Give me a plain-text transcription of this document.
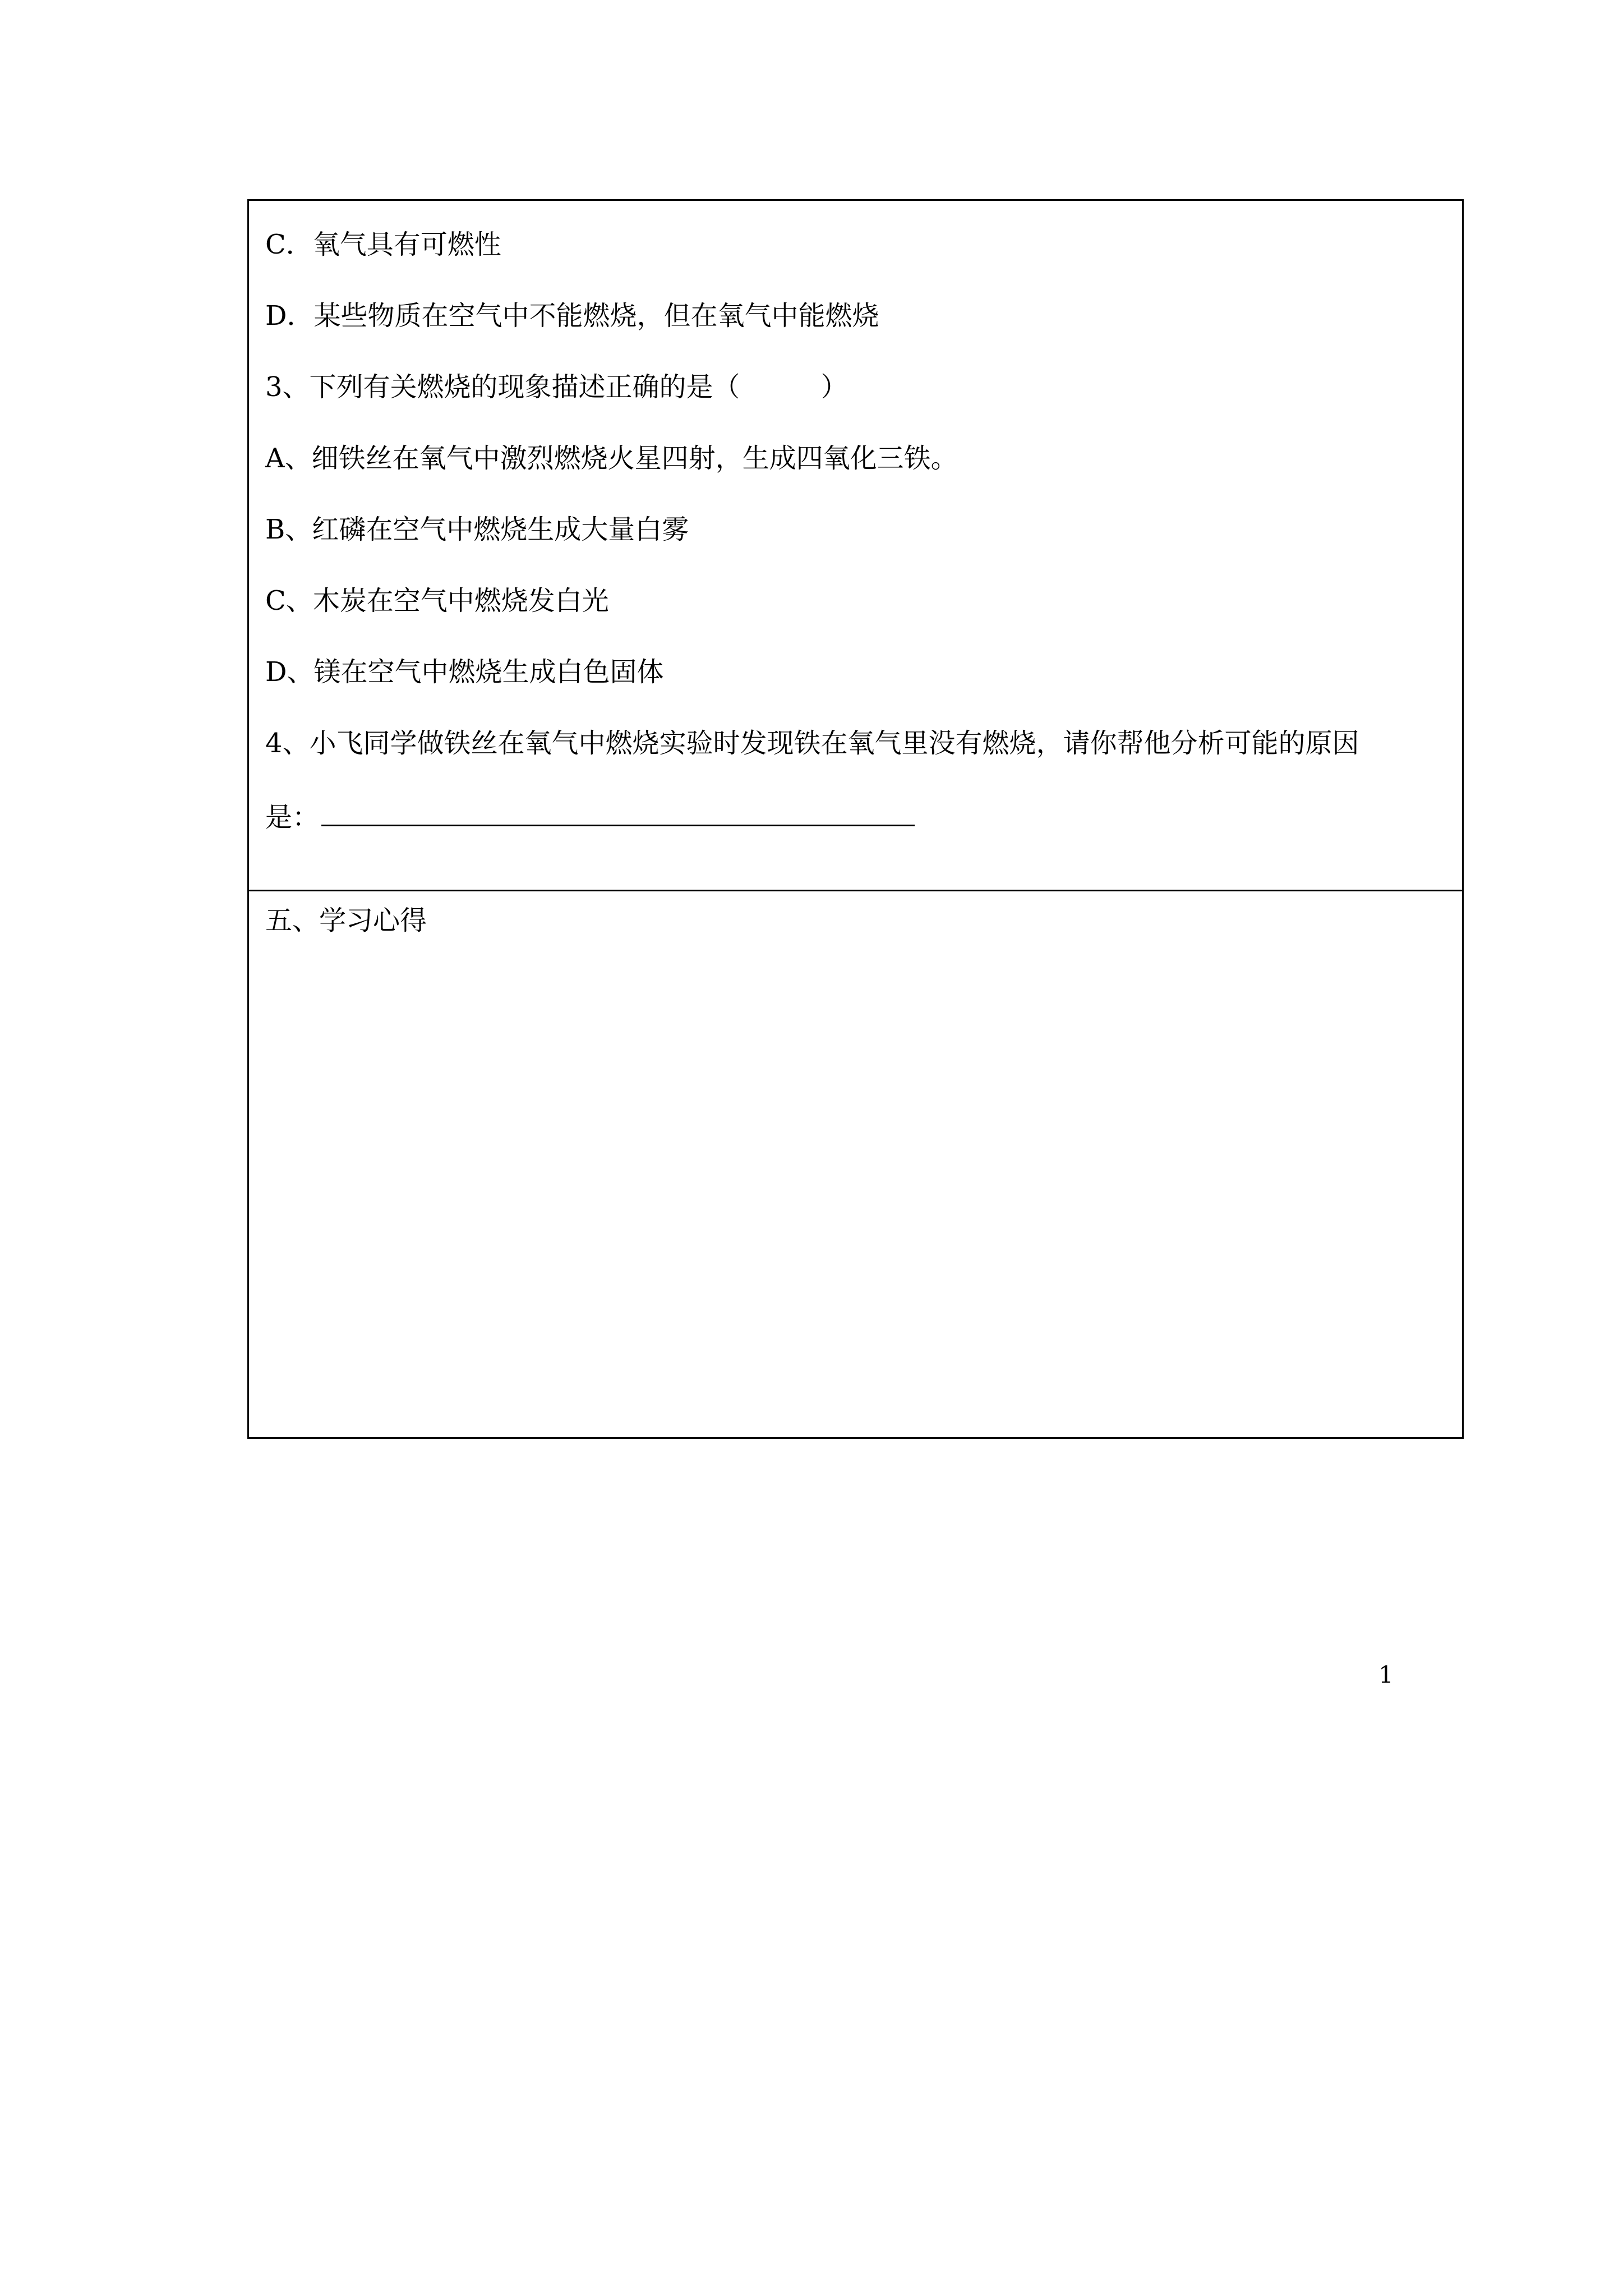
C．氧气具有可燃性
D．某些物质在空气中不能燃烧，但在氧气中能燃烧
3、下列有关燃烧的现象描述正确的是（　　　）
A、细铁丝在氧气中激烈燃烧火星四射，生成四氧化三铁。
B、红磷在空气中燃烧生成大量白雾
C、木炭在空气中燃烧发白光
D、镁在空气中燃烧生成白色固体
4、小飞同学做铁丝在氧气中燃烧实验时发现铁在氧气里没有燃烧，请你帮他分析可能的原因
是：
五、学习心得
1
